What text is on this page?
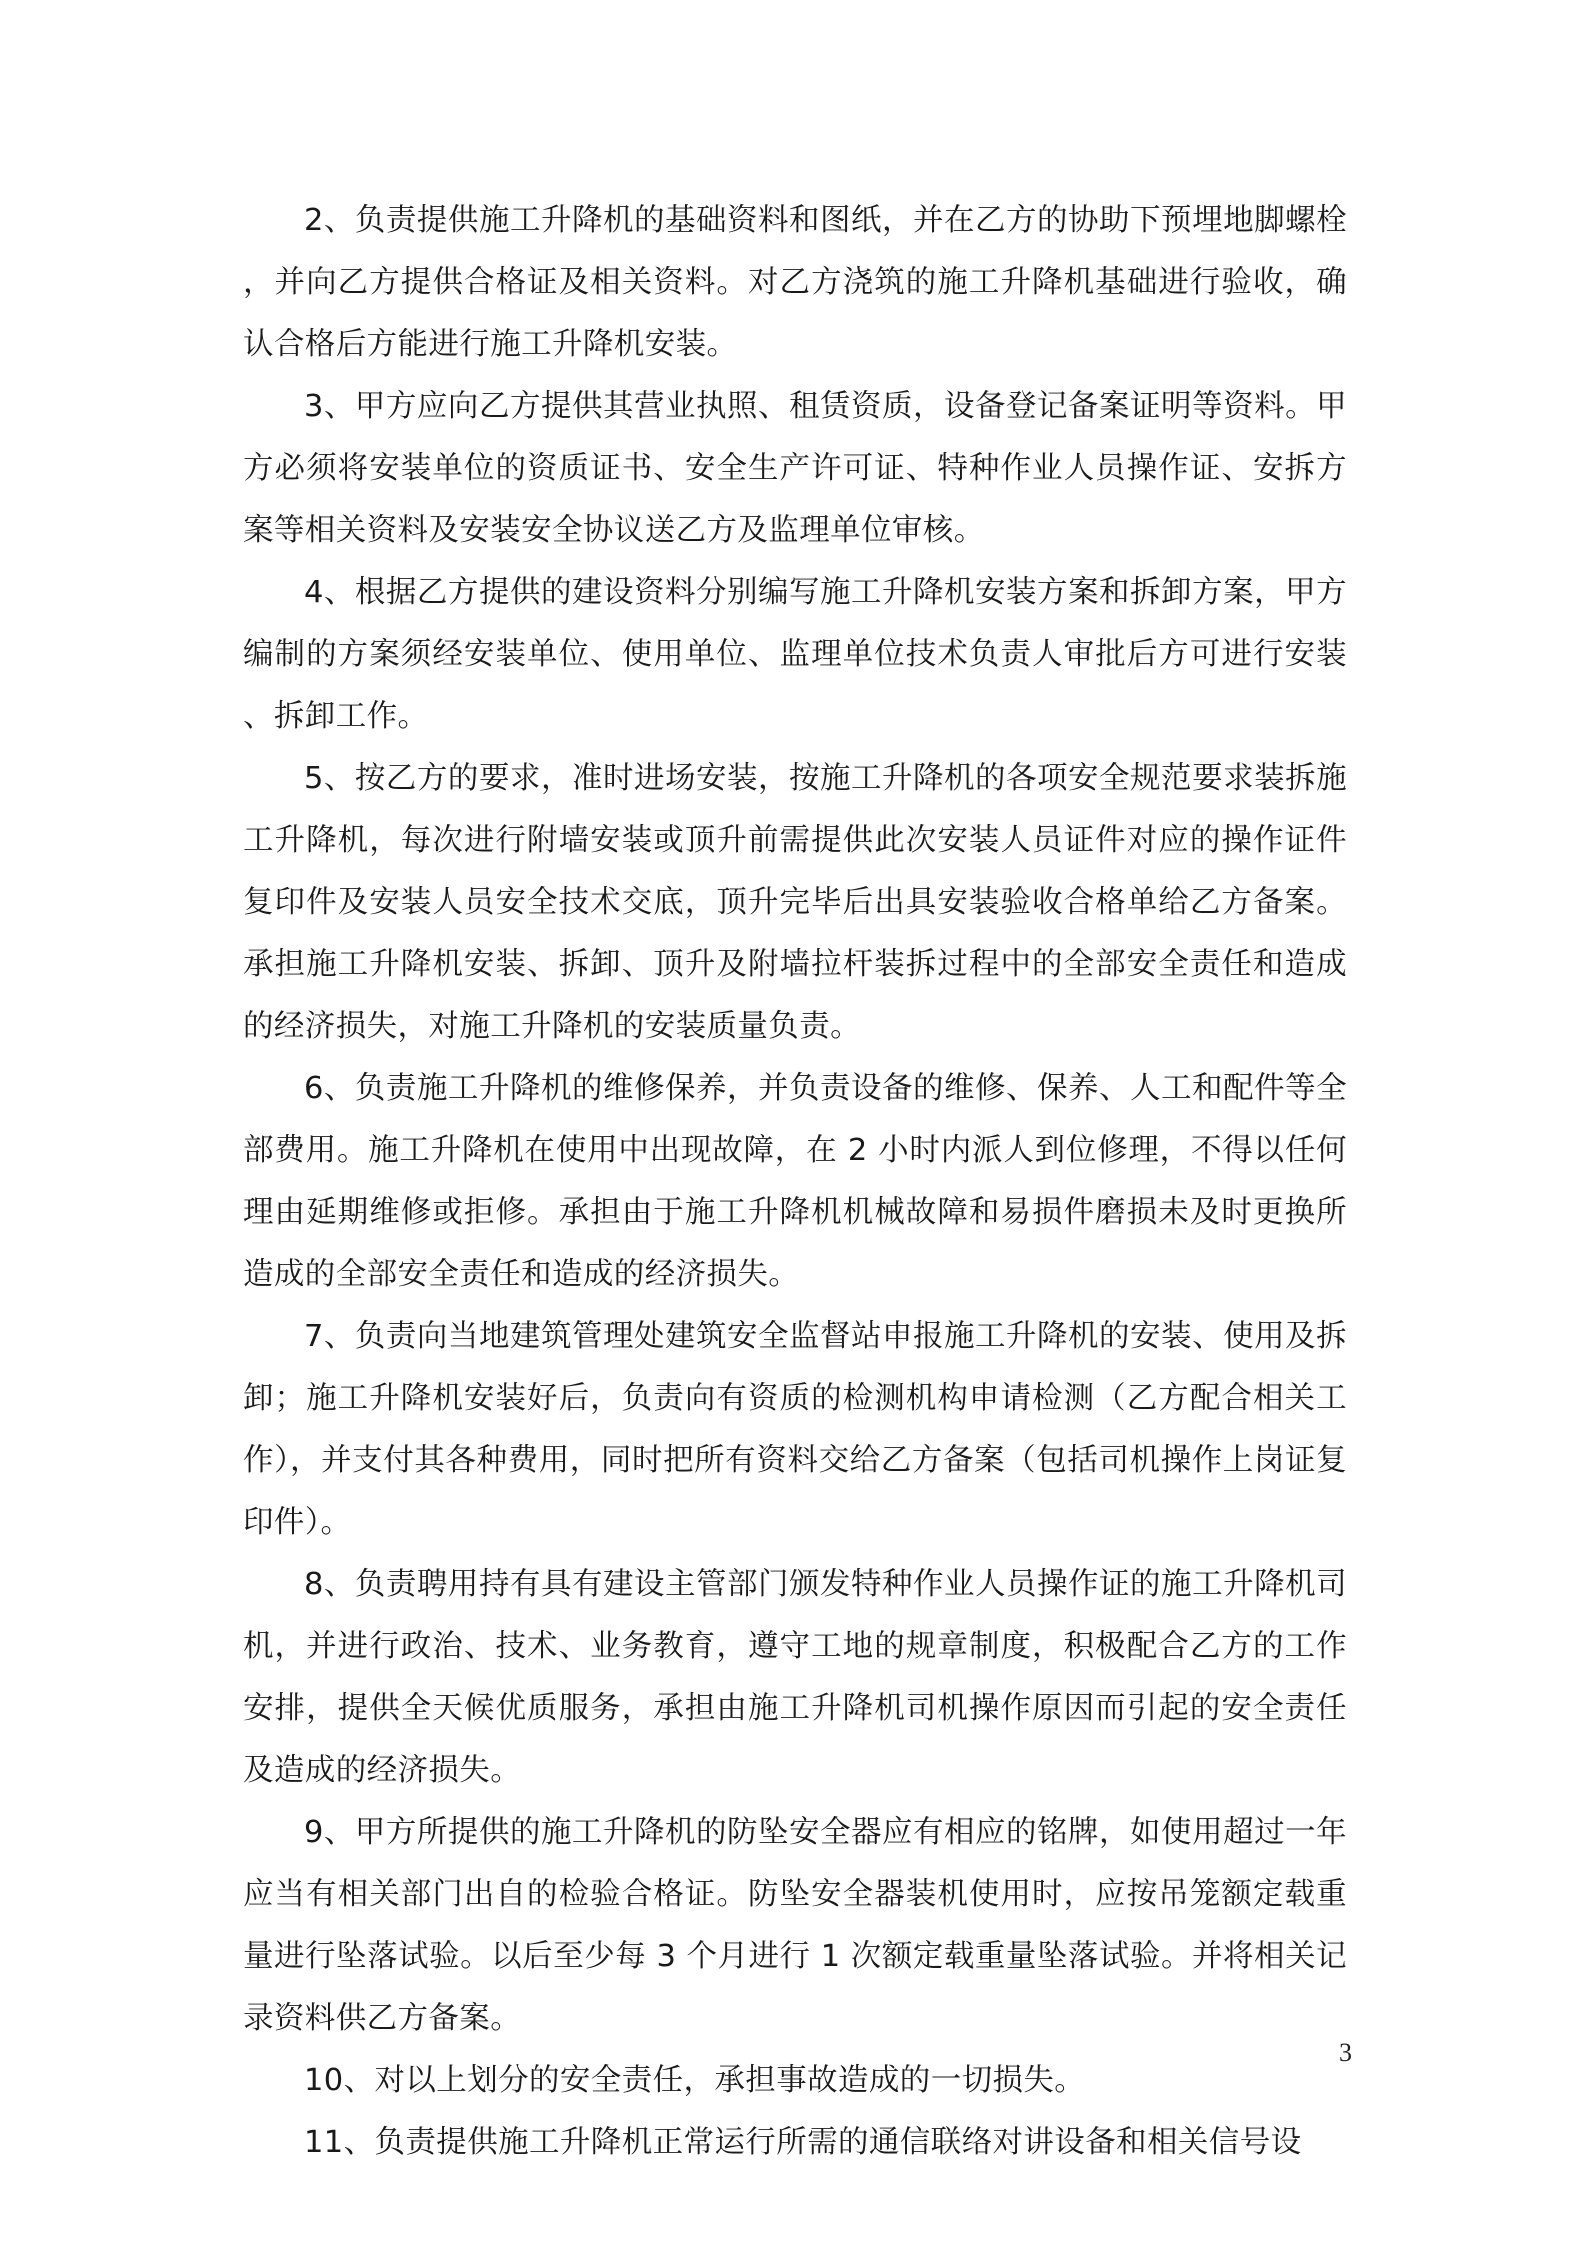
2、负责提供施工升降机的基础资料和图纸，并在乙方的协助下预埋地脚螺栓，并向乙方提供合格证及相关资料。对乙方浇筑的施工升降机基础进行验收，确认合格后方能进行施工升降机安装。

3、甲方应向乙方提供其营业执照、租赁资质，设备登记备案证明等资料。甲方必须将安装单位的资质证书、安全生产许可证、特种作业人员操作证、安拆方案等相关资料及安装安全协议送乙方及监理单位审核。

4、根据乙方提供的建设资料分别编写施工升降机安装方案和拆卸方案，甲方编制的方案须经安装单位、使用单位、监理单位技术负责人审批后方可进行安装、拆卸工作。

5、按乙方的要求，准时进场安装，按施工升降机的各项安全规范要求装拆施工升降机，每次进行附墙安装或顶升前需提供此次安装人员证件对应的操作证件复印件及安装人员安全技术交底，顶升完毕后出具安装验收合格单给乙方备案。承担施工升降机安装、拆卸、顶升及附墙拉杆装拆过程中的全部安全责任和造成的经济损失，对施工升降机的安装质量负责。

6、负责施工升降机的维修保养，并负责设备的维修、保养、人工和配件等全部费用。施工升降机在使用中出现故障，在 2 小时内派人到位修理，不得以任何理由延期维修或拒修。承担由于施工升降机机械故障和易损件磨损未及时更换所造成的全部安全责任和造成的经济损失。

7、负责向当地建筑管理处建筑安全监督站申报施工升降机的安装、使用及拆卸；施工升降机安装好后，负责向有资质的检测机构申请检测（乙方配合相关工作），并支付其各种费用，同时把所有资料交给乙方备案（包括司机操作上岗证复印件）。

8、负责聘用持有具有建设主管部门颁发特种作业人员操作证的施工升降机司机，并进行政治、技术、业务教育，遵守工地的规章制度，积极配合乙方的工作安排，提供全天候优质服务，承担由施工升降机司机操作原因而引起的安全责任及造成的经济损失。

9、甲方所提供的施工升降机的防坠安全器应有相应的铭牌，如使用超过一年应当有相关部门出自的检验合格证。防坠安全器装机使用时，应按吊笼额定载重量进行坠落试验。以后至少每 3 个月进行 1 次额定载重量坠落试验。并将相关记录资料供乙方备案。

10、对以上划分的安全责任，承担事故造成的一切损失。

11、负责提供施工升降机正常运行所需的通信联络对讲设备和相关信号设

3
